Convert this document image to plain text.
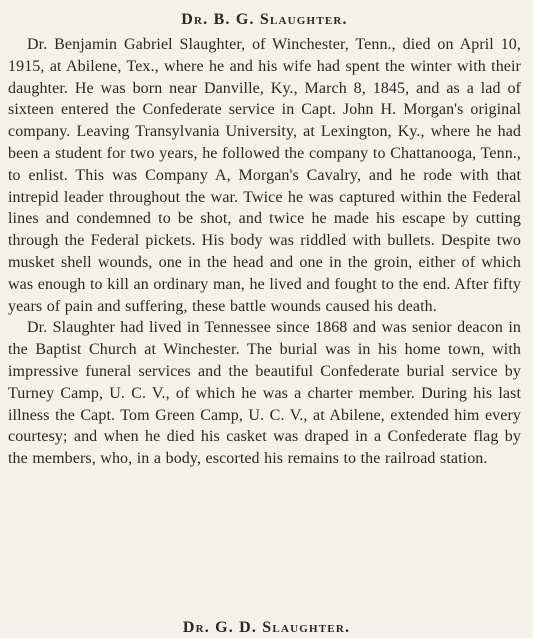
Dr. B. G. Slaughter.

Dr. Benjamin Gabriel Slaughter, of Winchester, Tenn., died on April 10, 1915, at Abilene, Tex., where he and his wife had spent the winter with their daughter. He was born near Danville, Ky., March 8, 1845, and as a lad of sixteen entered the Confederate service in Capt. John H. Morgan's original company. Leaving Transylvania University, at Lexington, Ky., where he had been a student for two years, he followed the company to Chattanooga, Tenn., to enlist. This was Company A, Morgan's Cavalry, and he rode with that intrepid leader throughout the war. Twice he was captured within the Federal lines and condemned to be shot, and twice he made his escape by cutting through the Federal pickets. His body was riddled with bullets. Despite two musket shell wounds, one in the head and one in the groin, either of which was enough to kill an ordinary man, he lived and fought to the end. After fifty years of pain and suffering, these battle wounds caused his death.

Dr. Slaughter had lived in Tennessee since 1868 and was senior deacon in the Baptist Church at Winchester. The burial was in his home town, with impressive funeral services and the beautiful Confederate burial service by Turney Camp, U. C. V., of which he was a charter member. During his last illness the Capt. Tom Green Camp, U. C. V., at Abilene, extended him every courtesy; and when he died his casket was draped in a Confederate flag by the members, who, in a body, escorted his remains to the railroad station.

Dr. G. D. Slaughter.
